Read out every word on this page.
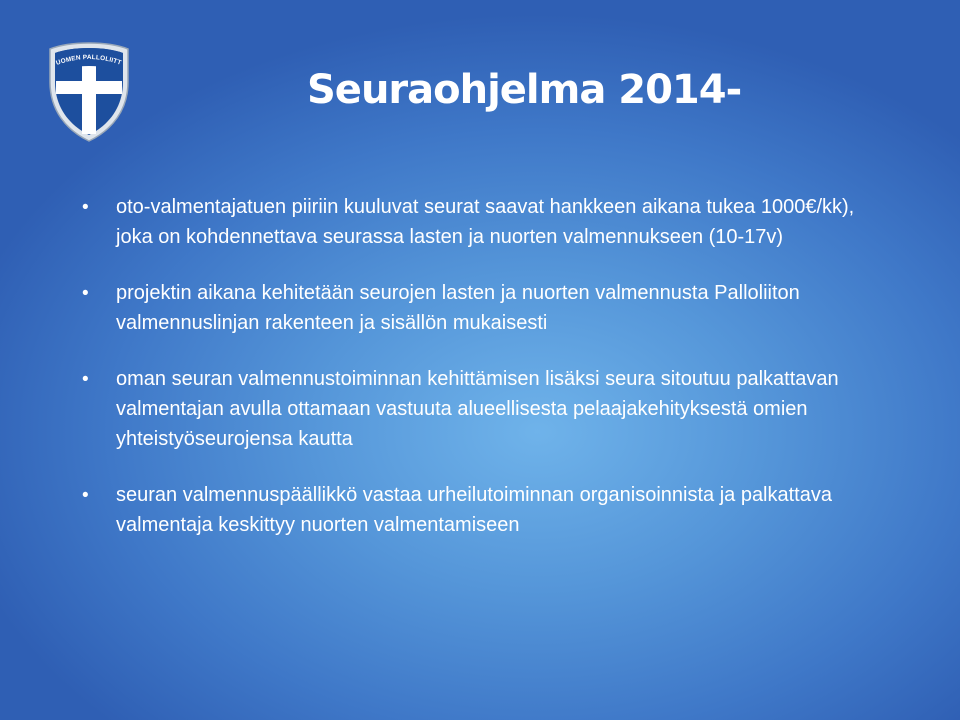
UOMEN PALLOLIITT
Seuraohjelma 2014-
•	oto-valmentajatuen piiriin kuuluvat seurat saavat hankkeen aikana tukea 1000€/kk), joka on kohdennettava seurassa lasten ja nuorten valmennukseen (10-17v)
•	projektin aikana kehitetään seurojen lasten ja nuorten valmennusta Palloliiton valmennuslinjan rakenteen ja sisällön mukaisesti
•	oman seuran valmennustoiminnan kehittämisen lisäksi seura sitoutuu palkattavan valmentajan avulla ottamaan vastuuta alueellisesta pelaajakehityksestä omien yhteistyöseurojensa kautta
•	seuran valmennuspäällikkö vastaa urheilutoiminnan organisoinnista ja palkattava valmentaja keskittyy nuorten valmentamiseen
